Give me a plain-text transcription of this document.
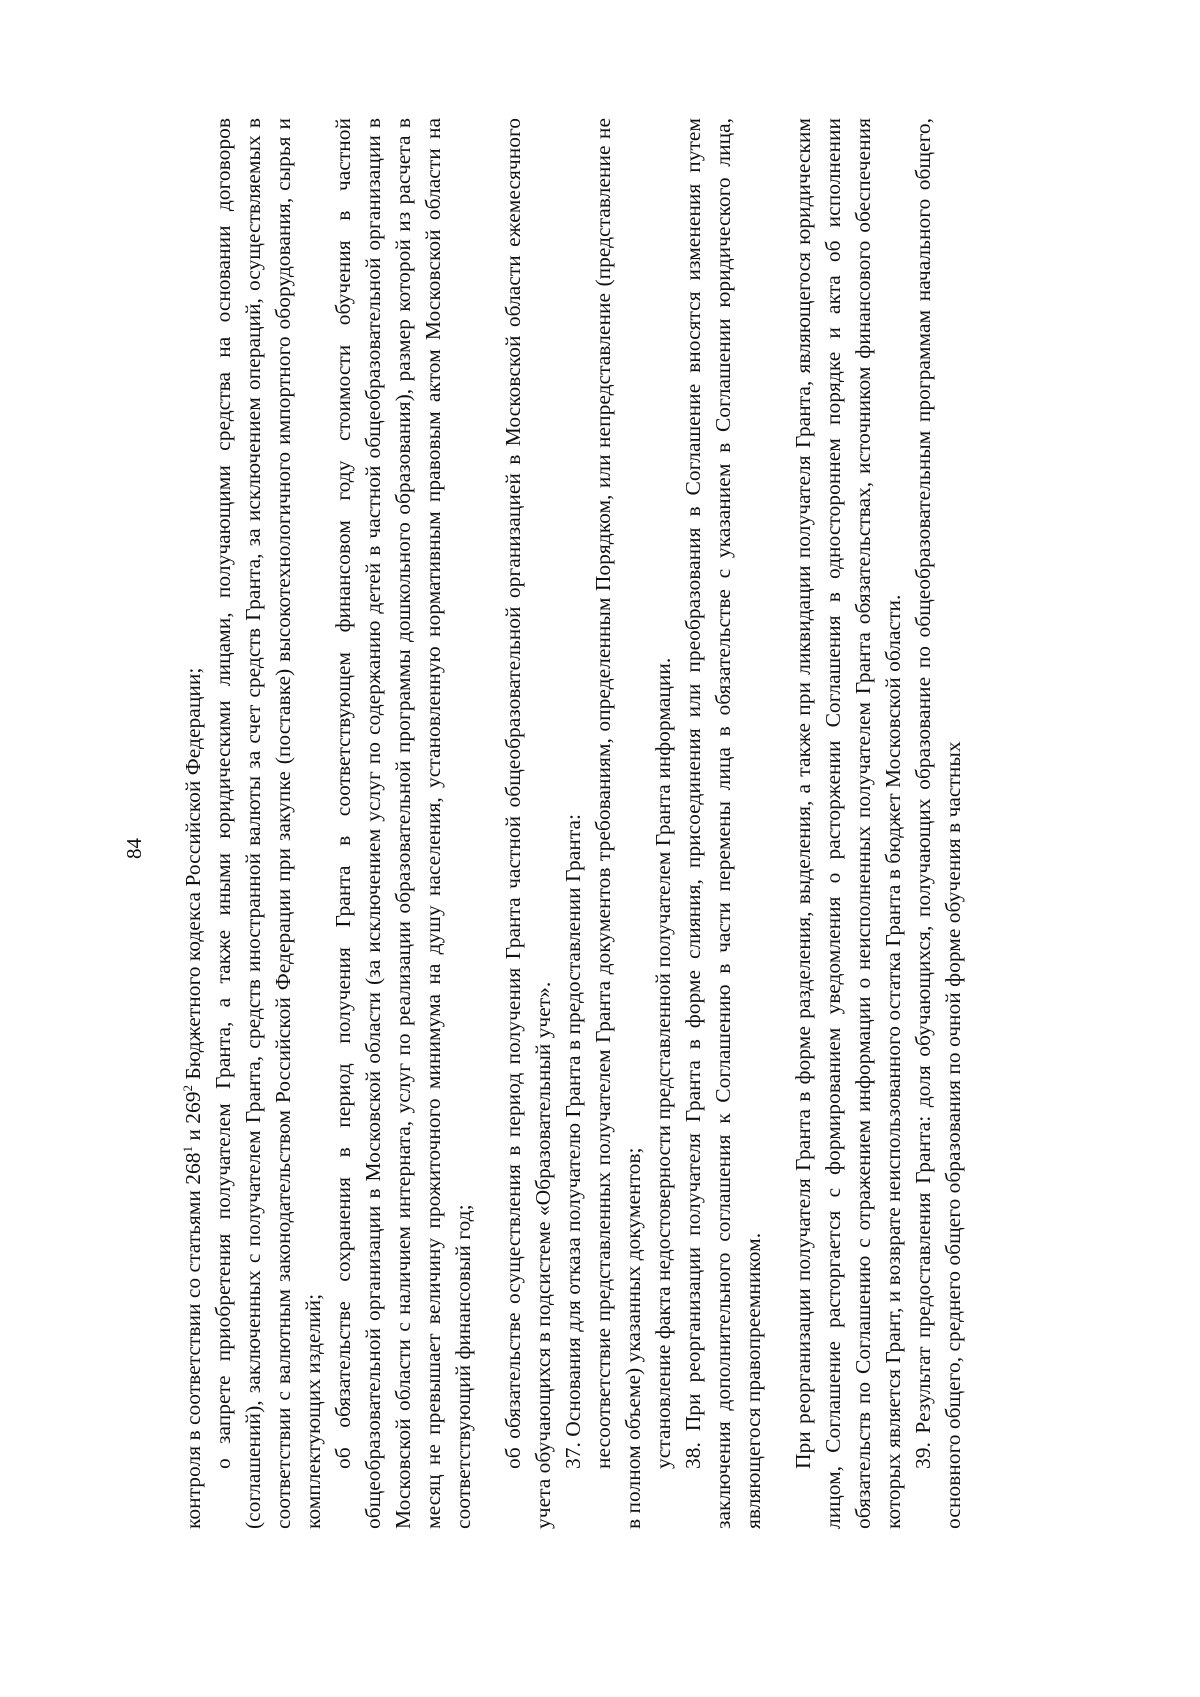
84

контроля в соответствии со статьями $268^1$ и $269^2$ Бюджетного кодекса Российской Федерации; о запрете приобретения получателем Гранта, а также иными юридическими лицами, получающими средства на основании договоров (соглашений), заключенных с получателем Гранта, средств иностранной валюты за счет средств Гранта, за исключением операций, осуществляемых в соответствии с валютным законодательством Российской Федерации при закупке (поставке) высокотехнологичного импортного оборудования, сырья и комплектующих изделий; об обязательстве сохранения в период получения Гранта в соответствующем финансовом году стоимости обучения в частной общеобразовательной организации в Московской области (за исключением услуг по содержанию детей в частной общеобразовательной организации в Московской области с наличием интерната, услуг по реализации образовательной программы дошкольного образования), размер которой из расчета в месяц не превышает величину прожиточного минимума на душу населения, установленную нормативным правовым актом Московской области на соответствующий финансовый год; об обязательстве осуществления в период получения Гранта частной общеобразовательной организацией в Московской области ежемесячного учета обучающихся в подсистеме «Образовательный учет». 37. Основания для отказа получателю Гранта в предоставлении Гранта: несоответствие представленных получателем Гранта документов требованиям, определенным Порядком, или непредставление (представление не в полном объеме) указанных документов; установление факта недостоверности представленной получателем Гранта информации. 38. При реорганизации получателя Гранта в форме слияния, присоединения или преобразования в Соглашение вносятся изменения путем заключения дополнительного соглашения к Соглашению в части перемены лица в обязательстве с указанием в Соглашении юридического лица, являющегося правопреемником. При реорганизации получателя Гранта в форме разделения, выделения, а также при ликвидации получателя Гранта, являющегося юридическим лицом, Соглашение расторгается с формированием уведомления о расторжении Соглашения в одностороннем порядке и акта об исполнении обязательств по Соглашению с отражением информации о неисполненных получателем Гранта обязательствах, источником финансового обеспечения которых является Грант, и возврате неиспользованного остатка Гранта в бюджет Московской области. 39. Результат предоставления Гранта: доля обучающихся, получающих образование по общеобразовательным программам начального общего, основного общего, среднего общего образования по очной форме обучения в частных
